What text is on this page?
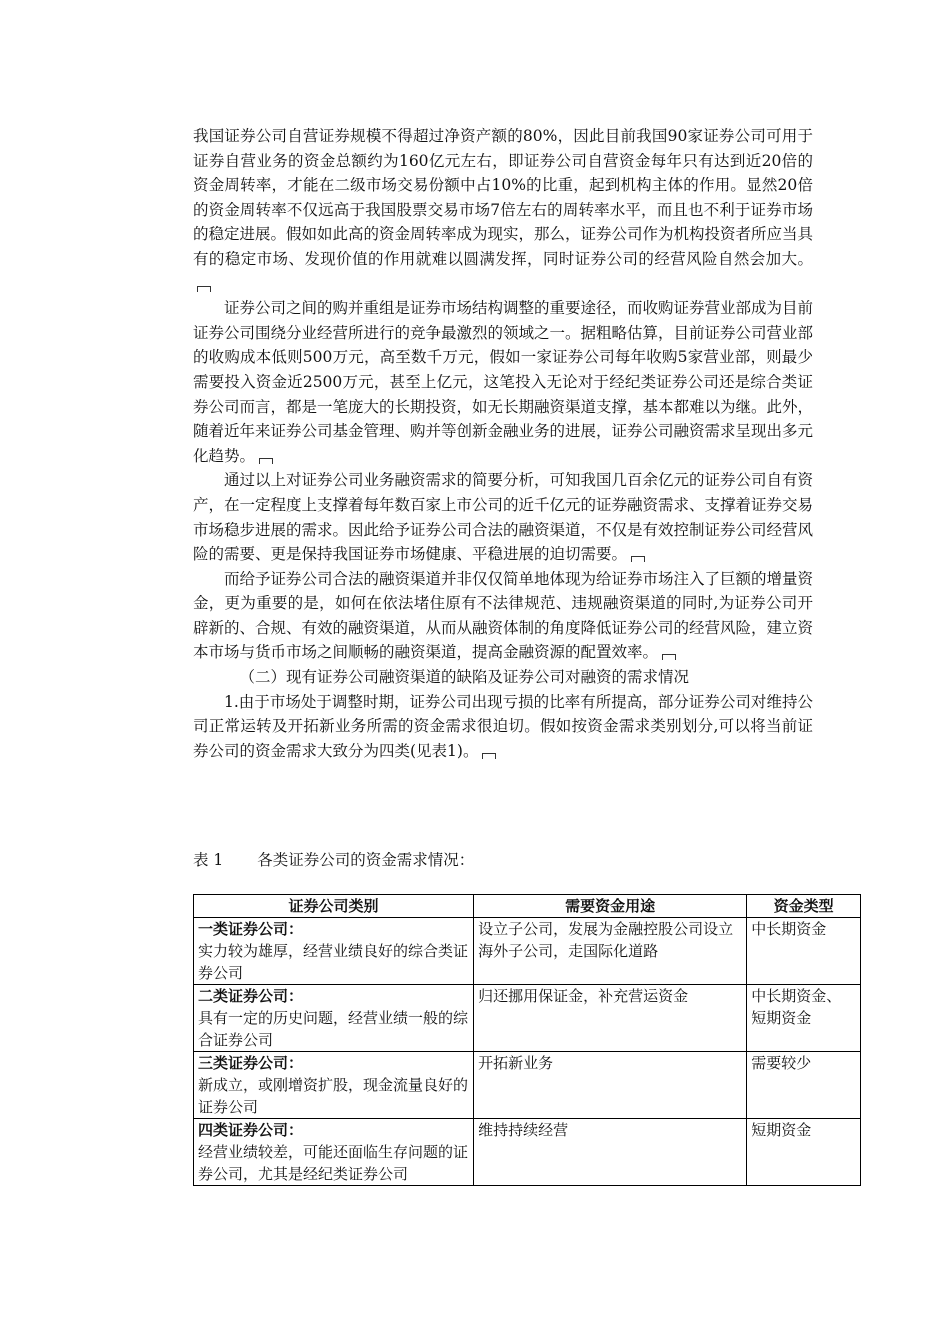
我国证券公司自营证券规模不得超过净资产额的80%，因此目前我国90家证券公司可用于证券自营业务的资金总额约为160亿元左右，即证券公司自营资金每年只有达到近20倍的资金周转率，才能在二级市场交易份额中占10%的比重，起到机构主体的作用。显然20倍的资金周转率不仅远高于我国股票交易市场7倍左右的周转率水平，而且也不利于证券市场的稳定进展。假如如此高的资金周转率成为现实，那么，证券公司作为机构投资者所应当具有的稳定市场、发现价值的作用就难以圆满发挥，同时证券公司的经营风险自然会加大。

证券公司之间的购并重组是证券市场结构调整的重要途径，而收购证券营业部成为目前证券公司围绕分业经营所进行的竞争最激烈的领域之一。据粗略估算，目前证券公司营业部的收购成本低则500万元，高至数千万元，假如一家证券公司每年收购5家营业部，则最少需要投入资金近2500万元，甚至上亿元，这笔投入无论对于经纪类证券公司还是综合类证券公司而言，都是一笔庞大的长期投资，如无长期融资渠道支撑，基本都难以为继。此外，随着近年来证券公司基金管理、购并等创新金融业务的进展，证券公司融资需求呈现出多元化趋势。

通过以上对证券公司业务融资需求的简要分析，可知我国几百余亿元的证券公司自有资产，在一定程度上支撑着每年数百家上市公司的近千亿元的证券融资需求、支撑着证券交易市场稳步进展的需求。因此给予证券公司合法的融资渠道，不仅是有效控制证券公司经营风险的需要、更是保持我国证券市场健康、平稳进展的迫切需要。

而给予证券公司合法的融资渠道并非仅仅简单地体现为给证券市场注入了巨额的增量资金，更为重要的是，如何在依法堵住原有不法律规范、违规融资渠道的同时,为证券公司开辟新的、合规、有效的融资渠道，从而从融资体制的角度降低证券公司的经营风险，建立资本市场与货币市场之间顺畅的融资渠道，提高金融资源的配置效率。

（二）现有证券公司融资渠道的缺陷及证券公司对融资的需求情况

1.由于市场处于调整时期，证券公司出现亏损的比率有所提高，部分证券公司对维持公司正常运转及开拓新业务所需的资金需求很迫切。假如按资金需求类别划分,可以将当前证券公司的资金需求大致分为四类(见表1)。

表 1 各类证券公司的资金需求情况：
证券公司类别	需要资金用途	资金类型

一类证券公司：
实力较为雄厚，经营业绩良好的综合类证券公司	设立子公司，发展为金融控股公司设立海外子公司，走国际化道路	中长期资金

二类证券公司：
具有一定的历史问题，经营业绩一般的综合证券公司	归还挪用保证金，补充营运资金	中长期资金、短期资金

三类证券公司：
新成立，或刚增资扩股，现金流量良好的证券公司	开拓新业务	需要较少

四类证券公司：
经营业绩较差，可能还面临生存问题的证券公司，尤其是经纪类证券公司	维持持续经营	短期资金
